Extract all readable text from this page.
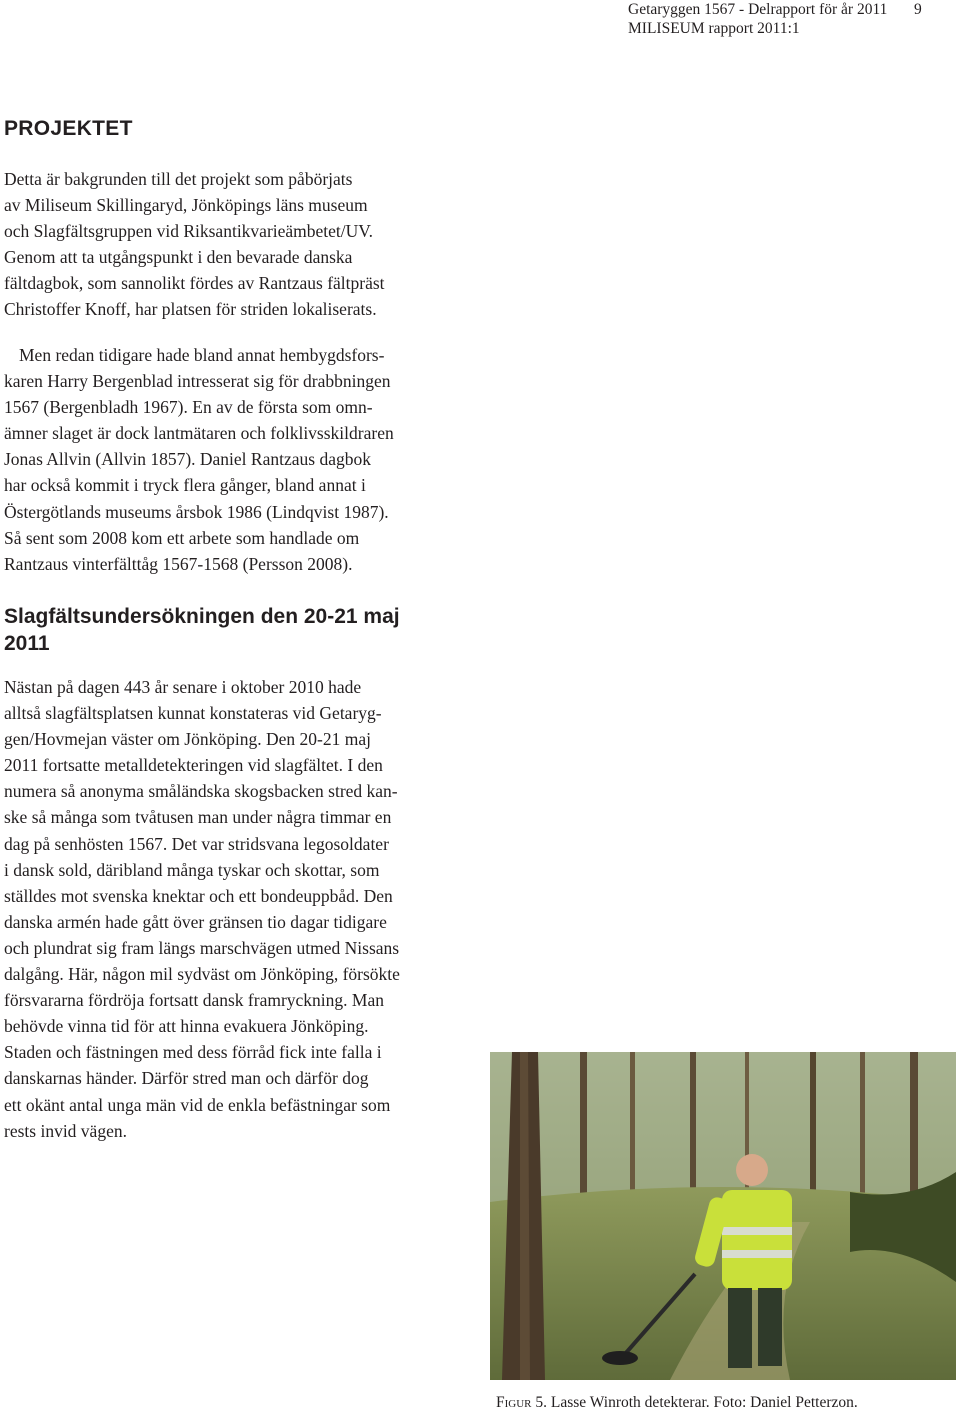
Getaryggen 1567 - Delrapport för år 2011	9
MILISEUM rapport 2011:1
PROJEKTET
Detta är bakgrunden till det projekt som påbörjats
av Miliseum Skillingaryd, Jönköpings läns museum
och Slagfältsgruppen vid Riksantikvarieämbetet/UV.
Genom att ta utgångspunkt i den bevarade danska
fältdagbok, som sannolikt fördes av Rantzaus fältpräst
Christoffer Knoff, har platsen för striden lokaliserats.
Men redan tidigare hade bland annat hembygdsfors-
karen Harry Bergenblad intresserat sig för drabbningen
1567 (Bergenbladh 1967). En av de första som omn-
ämner slaget är dock lantmätaren och folklivsskildraren
Jonas Allvin (Allvin 1857). Daniel Rantzaus dagbok
har också kommit i tryck flera gånger, bland annat i
Östergötlands museums årsbok 1986 (Lindqvist 1987).
Så sent som 2008 kom ett arbete som handlade om
Rantzaus vinterfälttåg 1567-1568 (Persson 2008).
Slagfältsundersökningen den 20-21 maj
2011
Nästan på dagen 443 år senare i oktober 2010 hade
alltså slagfältsplatsen kunnat konstateras vid Getaryg-
gen/Hovmejan väster om Jönköping. Den 20-21 maj
2011 fortsatte metalldetekteringen vid slagfältet. I den
numera så anonyma småländska skogsbacken stred kan-
ske så många som tvåtusen man under några timmar en
dag på senhösten 1567. Det var stridsvana legosoldater
i dansk sold, däribland många tyskar och skottar, som
ställdes mot svenska knektar och ett bondeuppbåd. Den
danska armén hade gått över gränsen tio dagar tidigare
och plundrat sig fram längs marschvägen utmed Nissans
dalgång. Här, någon mil sydväst om Jönköping, försökte
försvararna fördröja fortsatt dansk framryckning. Man
behövde vinna tid för att hinna evakuera Jönköping.
Staden och fästningen med dess förråd fick inte falla i
danskarnas händer. Därför stred man och därför dog
ett okänt antal unga män vid de enkla befästningar som
rests invid vägen.
Figur 5. Lasse Winroth detekterar. Foto: Daniel Petterzon.
